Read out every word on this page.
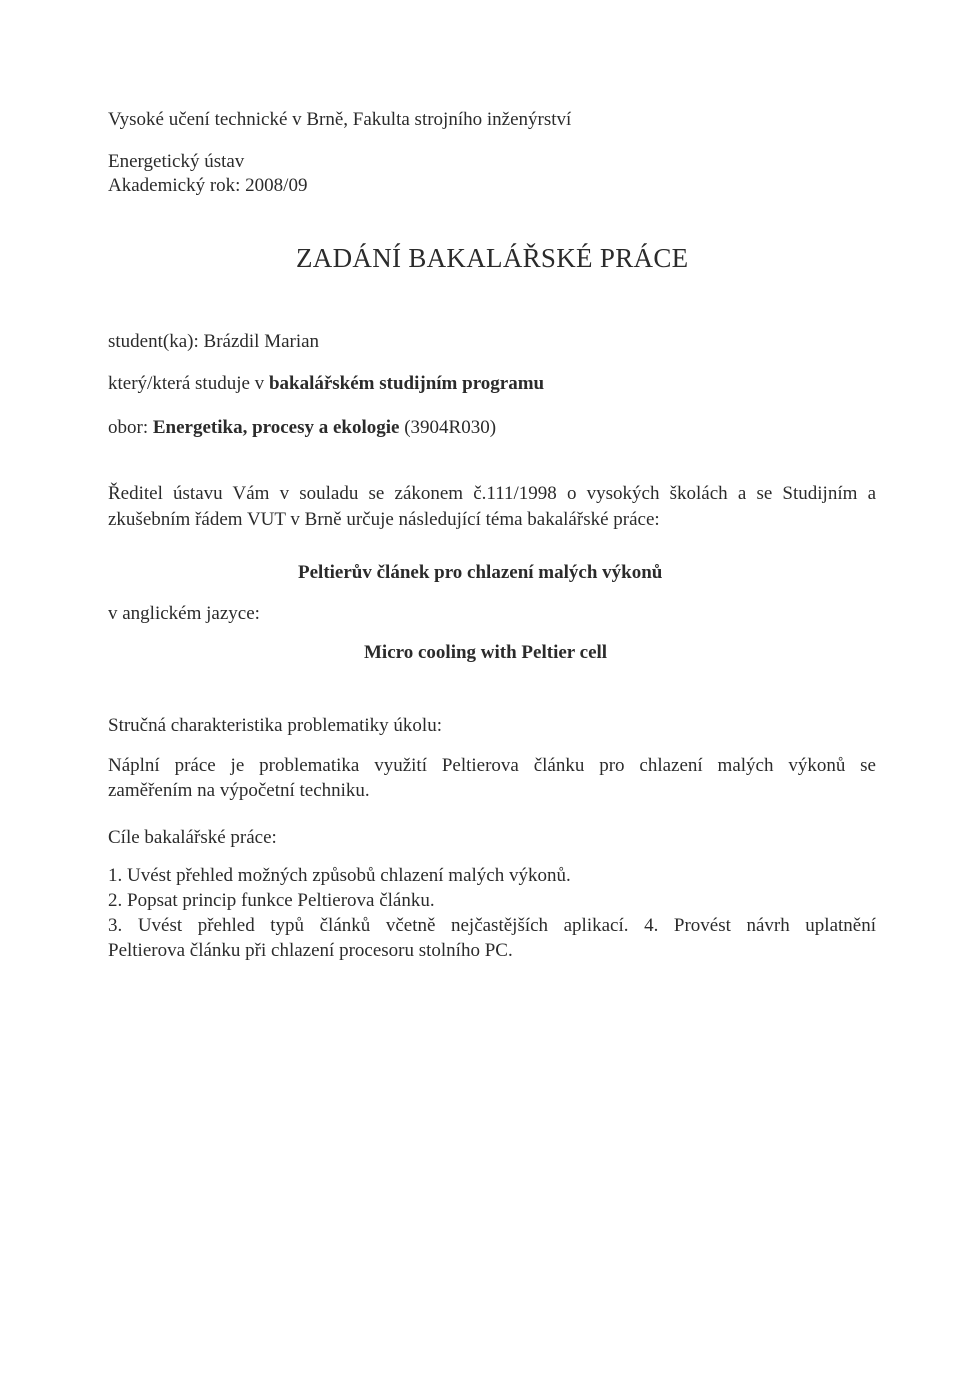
Vysoké učení technické v Brně, Fakulta strojního inženýrství
Energetický ústav
Akademický rok: 2008/09
ZADÁNÍ BAKALÁŘSKÉ PRÁCE
student(ka): Brázdil Marian
který/která studuje v bakalářském studijním programu
obor: Energetika, procesy a ekologie (3904R030)
Ředitel ústavu Vám v souladu se zákonem č.111/1998 o vysokých školách a se Studijním a
zkušebním řádem VUT v Brně určuje následující téma bakalářské práce:
Peltierův článek pro chlazení malých výkonů
v anglickém jazyce:
Micro cooling with Peltier cell
Stručná charakteristika problematiky úkolu:
Náplní práce je problematika využití Peltierova článku pro chlazení malých výkonů se
zaměřením na výpočetní techniku.
Cíle bakalářské práce:
1. Uvést přehled možných způsobů chlazení malých výkonů.
2. Popsat princip funkce Peltierova článku.
3. Uvést přehled typů článků včetně nejčastějších aplikací. 4. Provést návrh uplatnění
Peltierova článku při chlazení procesoru stolního PC.
